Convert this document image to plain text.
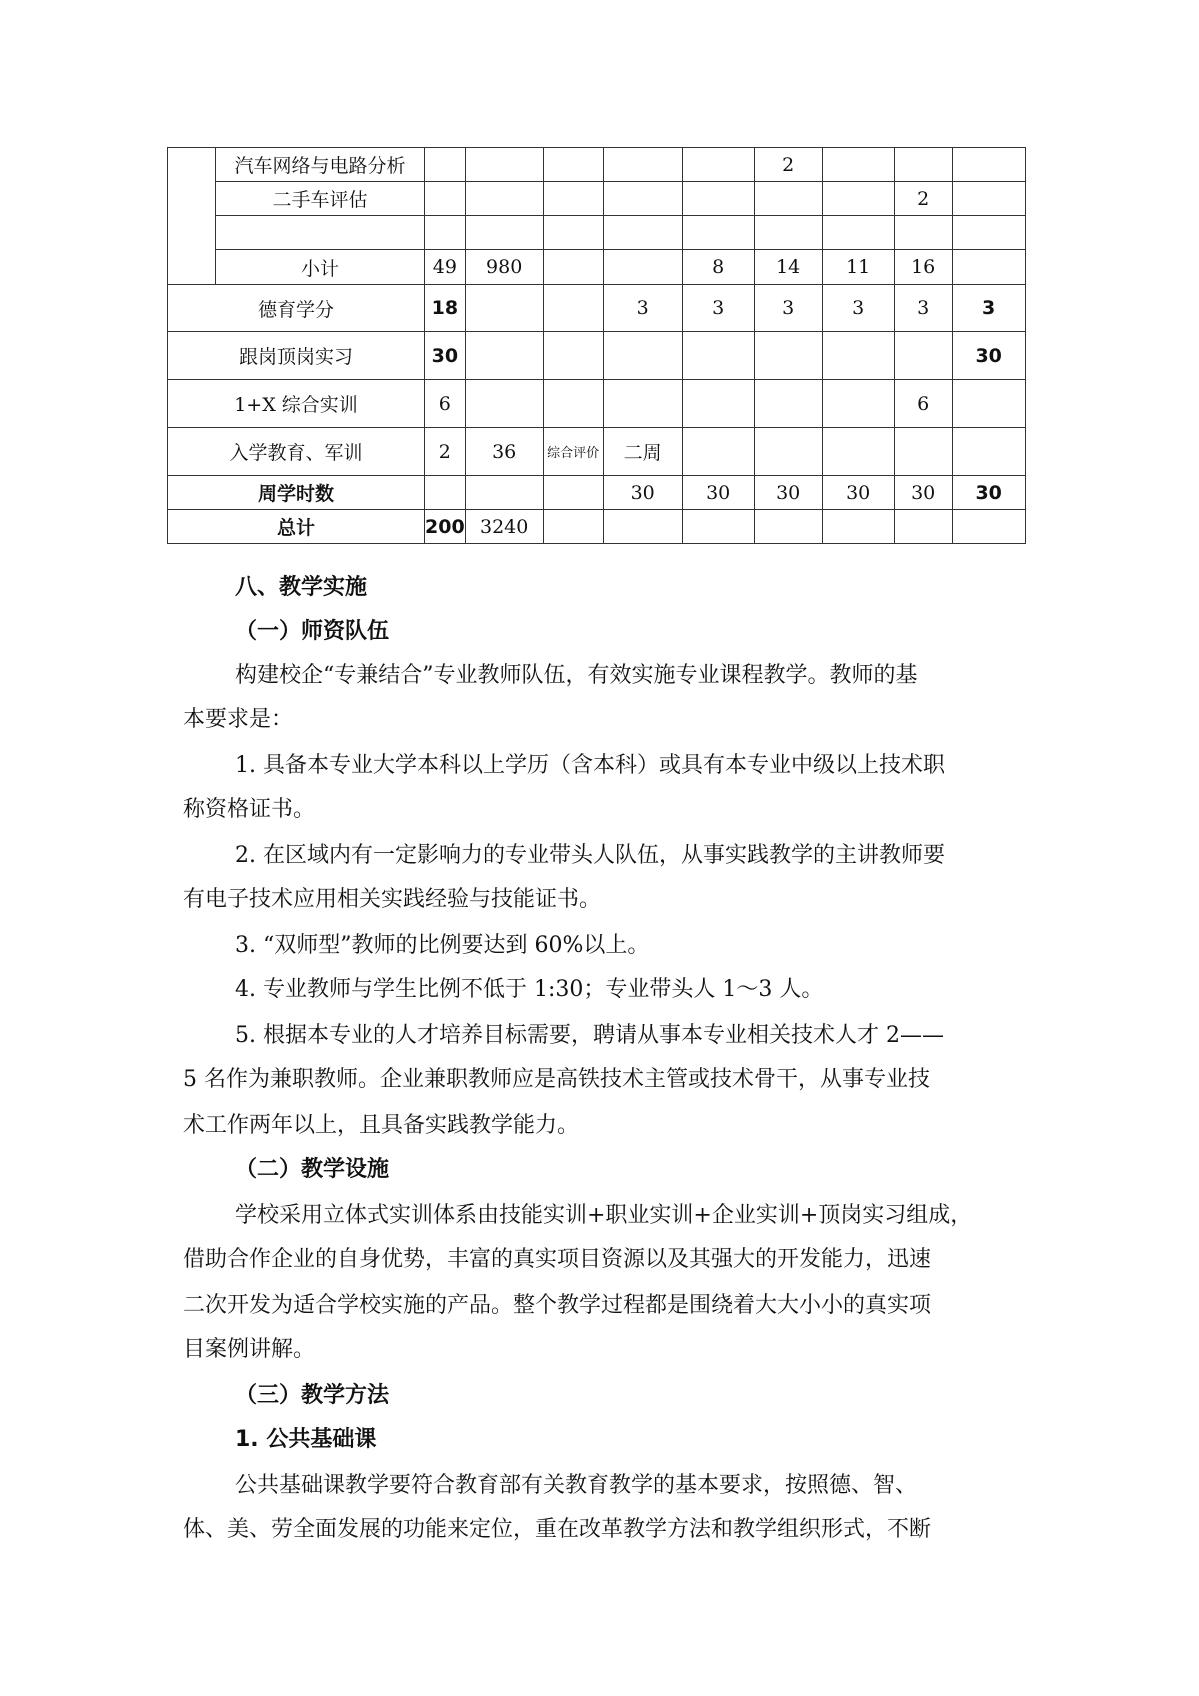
	汽车网络与电路分析						2			
	二手车评估								2	

	小计	49	980			8	14	11	16	
德育学分		18			3	3	3	3	3	3
跟岗顶岗实习		30								30
1+X 综合实训		6							6	
入学教育、军训		2	36	综合评价	二周					
周学时数					30	30	30	30	30	30
总计		200	3240							
八、教学实施
（一）师资队伍
构建校企“专兼结合”专业教师队伍，有效实施专业课程教学。教师的基
本要求是：
1. 具备本专业大学本科以上学历（含本科）或具有本专业中级以上技术职
称资格证书。
2. 在区域内有一定影响力的专业带头人队伍，从事实践教学的主讲教师要
有电子技术应用相关实践经验与技能证书。
3. “双师型”教师的比例要达到 60%以上。
4. 专业教师与学生比例不低于 1:30；专业带头人 1～3 人。
5. 根据本专业的人才培养目标需要，聘请从事本专业相关技术人才 2——
5 名作为兼职教师。企业兼职教师应是高铁技术主管或技术骨干，从事专业技
术工作两年以上，且具备实践教学能力。
（二）教学设施
学校采用立体式实训体系由技能实训+职业实训+企业实训+顶岗实习组成，
借助合作企业的自身优势，丰富的真实项目资源以及其强大的开发能力，迅速
二次开发为适合学校实施的产品。整个教学过程都是围绕着大大小小的真实项
目案例讲解。
（三）教学方法
1. 公共基础课
公共基础课教学要符合教育部有关教育教学的基本要求，按照德、智、
体、美、劳全面发展的功能来定位，重在改革教学方法和教学组织形式，不断
